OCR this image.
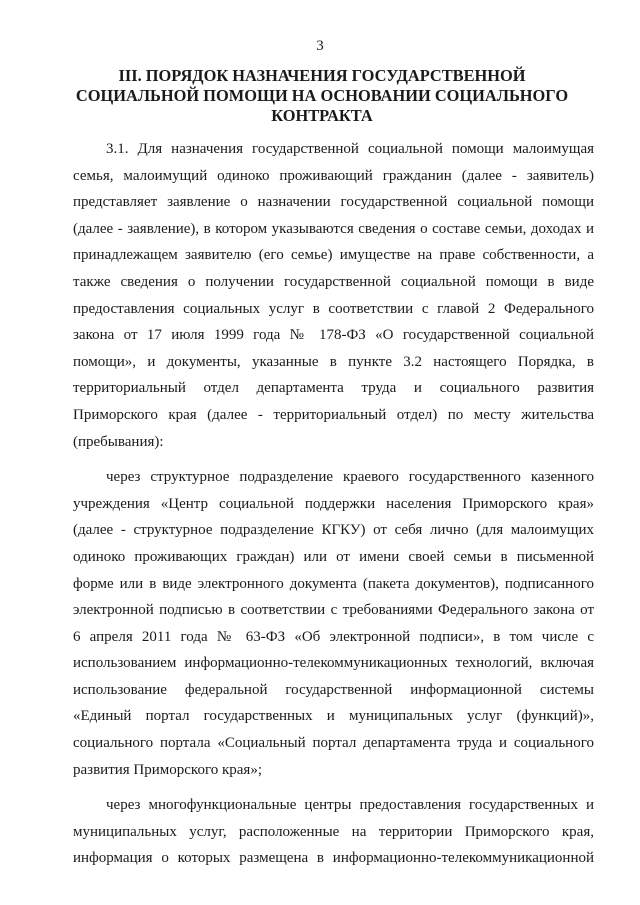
3
III. ПОРЯДОК НАЗНАЧЕНИЯ ГОСУДАРСТВЕННОЙ
СОЦИАЛЬНОЙ ПОМОЩИ НА ОСНОВАНИИ СОЦИАЛЬНОГО
КОНТРАКТА
3.1. Для назначения государственной социальной помощи малоимущая
семья, малоимущий одиноко проживающий гражданин (далее - заявитель)
представляет заявление о назначении государственной социальной помощи
(далее - заявление), в котором указываются сведения о составе семьи, доходах и
принадлежащем заявителю (его семье) имуществе на праве собственности, а
также сведения о получении государственной социальной помощи в виде
предоставления социальных услуг в соответствии с главой 2 Федерального
закона от 17 июля 1999 года № 178-ФЗ «О государственной социальной
помощи», и документы, указанные в пункте 3.2 настоящего Порядка, в
территориальный отдел департамента труда и социального развития
Приморского края (далее - территориальный отдел) по месту жительства
(пребывания):
через структурное подразделение краевого государственного казенного
учреждения «Центр социальной поддержки населения Приморского края»
(далее - структурное подразделение КГКУ) от себя лично (для малоимущих
одиноко проживающих граждан) или от имени своей семьи в письменной
форме или в виде электронного документа (пакета документов), подписанного
электронной подписью в соответствии с требованиями Федерального закона от
6 апреля 2011 года № 63-ФЗ «Об электронной подписи», в том числе с
использованием информационно-телекоммуникационных технологий, включая
использование федеральной государственной информационной системы
«Единый портал государственных и муниципальных услуг (функций)»,
социального портала «Социальный портал департамента труда и социального
развития Приморского края»;
через многофункциональные центры предоставления государственных и
муниципальных услуг, расположенные на территории Приморского края,
информация о которых размещена в информационно-телекоммуникационной
